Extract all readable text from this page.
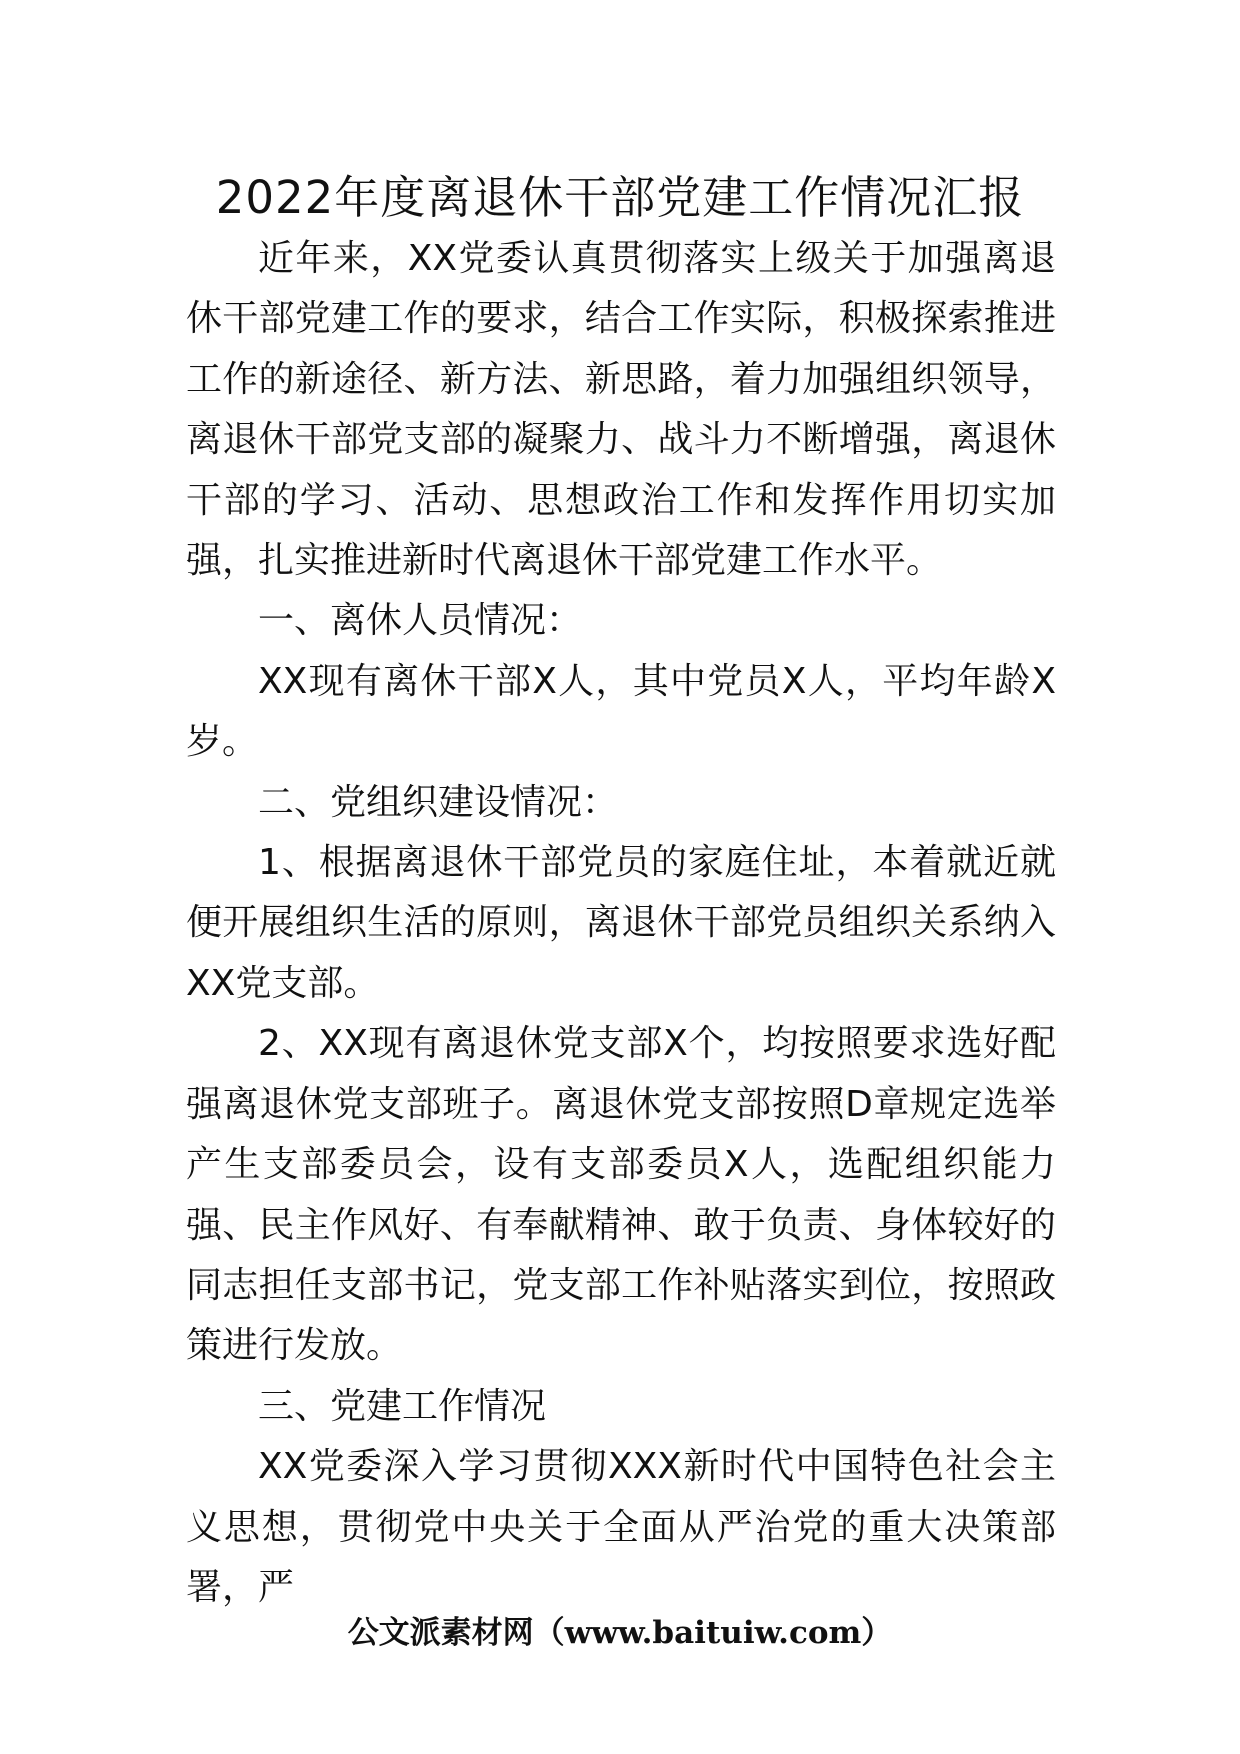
2022年度离退休干部党建工作情况汇报

近年来，XX党委认真贯彻落实上级关于加强离退休干部党建工作的要求，结合工作实际，积极探索推进工作的新途径、新方法、新思路，着力加强组织领导，离退休干部党支部的凝聚力、战斗力不断增强，离退休干部的学习、活动、思想政治工作和发挥作用切实加强，扎实推进新时代离退休干部党建工作水平。

一、离休人员情况：

XX现有离休干部X人，其中党员X人，平均年龄X岁。

二、党组织建设情况：

1、根据离退休干部党员的家庭住址，本着就近就便开展组织生活的原则，离退休干部党员组织关系纳入XX党支部。

2、XX现有离退休党支部X个，均按照要求选好配强离退休党支部班子。离退休党支部按照D章规定选举产生支部委员会，设有支部委员X人，选配组织能力强、民主作风好、有奉献精神、敢于负责、身体较好的同志担任支部书记，党支部工作补贴落实到位，按照政策进行发放。

三、党建工作情况

XX党委深入学习贯彻XXX新时代中国特色社会主义思想，贯彻党中央关于全面从严治党的重大决策部署，严

公文派素材网（www.baituiw.com）
